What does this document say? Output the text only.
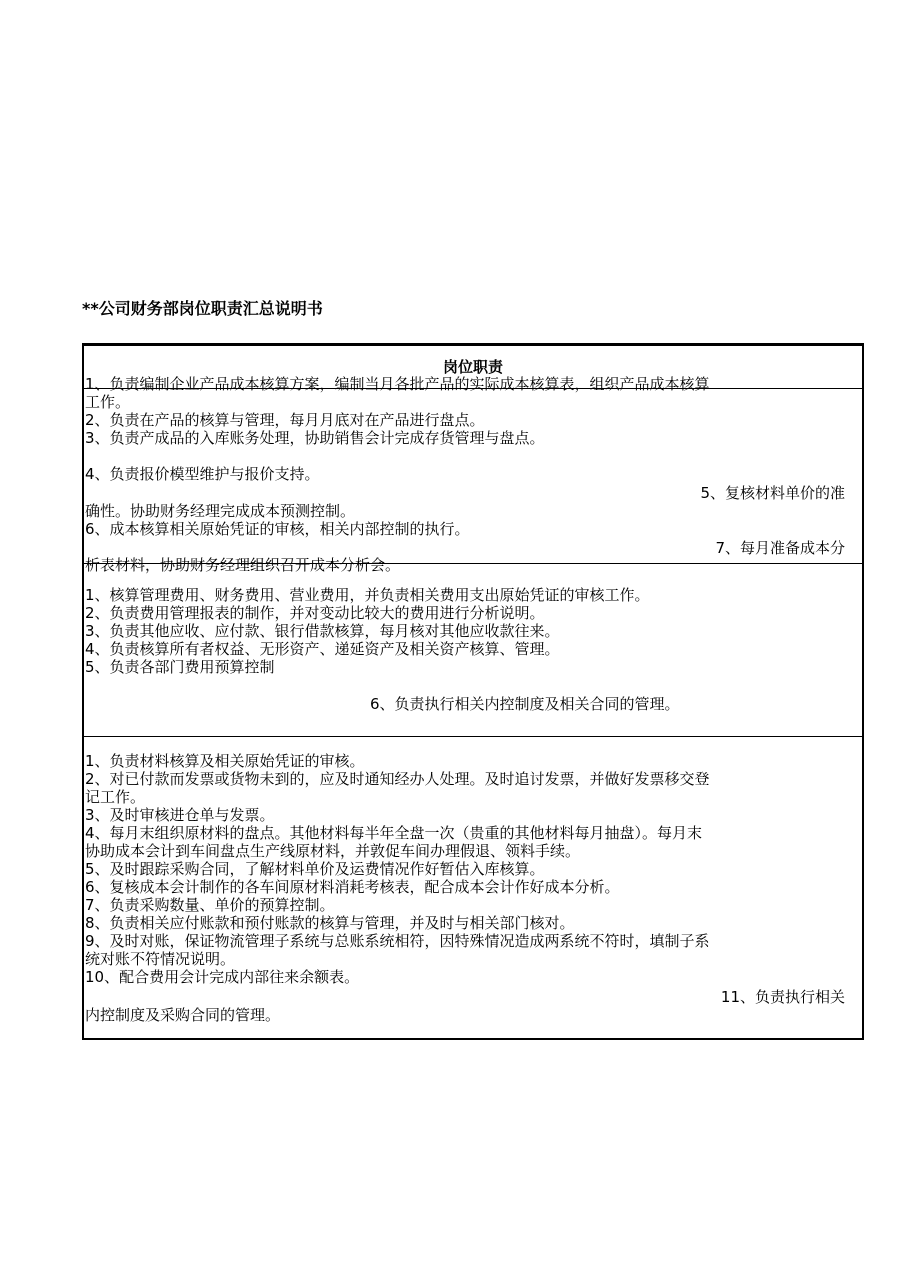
**公司财务部岗位职责汇总说明书
岗位职责
1、负责编制企业产品成本核算方案，编制当月各批产品的实际成本核算表，组织产品成本核算
工作。
2、负责在产品的核算与管理，每月月底对在产品进行盘点。
3、负责产成品的入库账务处理，协助销售会计完成存货管理与盘点。
4、负责报价模型维护与报价支持。
5、复核材料单价的准
确性。协助财务经理完成成本预测控制。
6、成本核算相关原始凭证的审核，相关内部控制的执行。
7、每月准备成本分
析表材料，协助财务经理组织召开成本分析会。
1、核算管理费用、财务费用、营业费用，并负责相关费用支出原始凭证的审核工作。
2、负责费用管理报表的制作，并对变动比较大的费用进行分析说明。
3、负责其他应收、应付款、银行借款核算，每月核对其他应收款往来。
4、负责核算所有者权益、无形资产、递延资产及相关资产核算、管理。
5、负责各部门费用预算控制
6、负责执行相关内控制度及相关合同的管理。
1、负责材料核算及相关原始凭证的审核。
2、对已付款而发票或货物未到的，应及时通知经办人处理。及时追讨发票，并做好发票移交登
记工作。
3、及时审核进仓单与发票。
4、每月末组织原材料的盘点。其他材料每半年全盘一次（贵重的其他材料每月抽盘）。每月末
协助成本会计到车间盘点生产线原材料，并敦促车间办理假退、领料手续。
5、及时跟踪采购合同，了解材料单价及运费情况作好暂估入库核算。
6、复核成本会计制作的各车间原材料消耗考核表，配合成本会计作好成本分析。
7、负责采购数量、单价的预算控制。
8、负责相关应付账款和预付账款的核算与管理，并及时与相关部门核对。
9、及时对账，保证物流管理子系统与总账系统相符，因特殊情况造成两系统不符时，填制子系
统对账不符情况说明。
10、配合费用会计完成内部往来余额表。
11、负责执行相关
内控制度及采购合同的管理。
